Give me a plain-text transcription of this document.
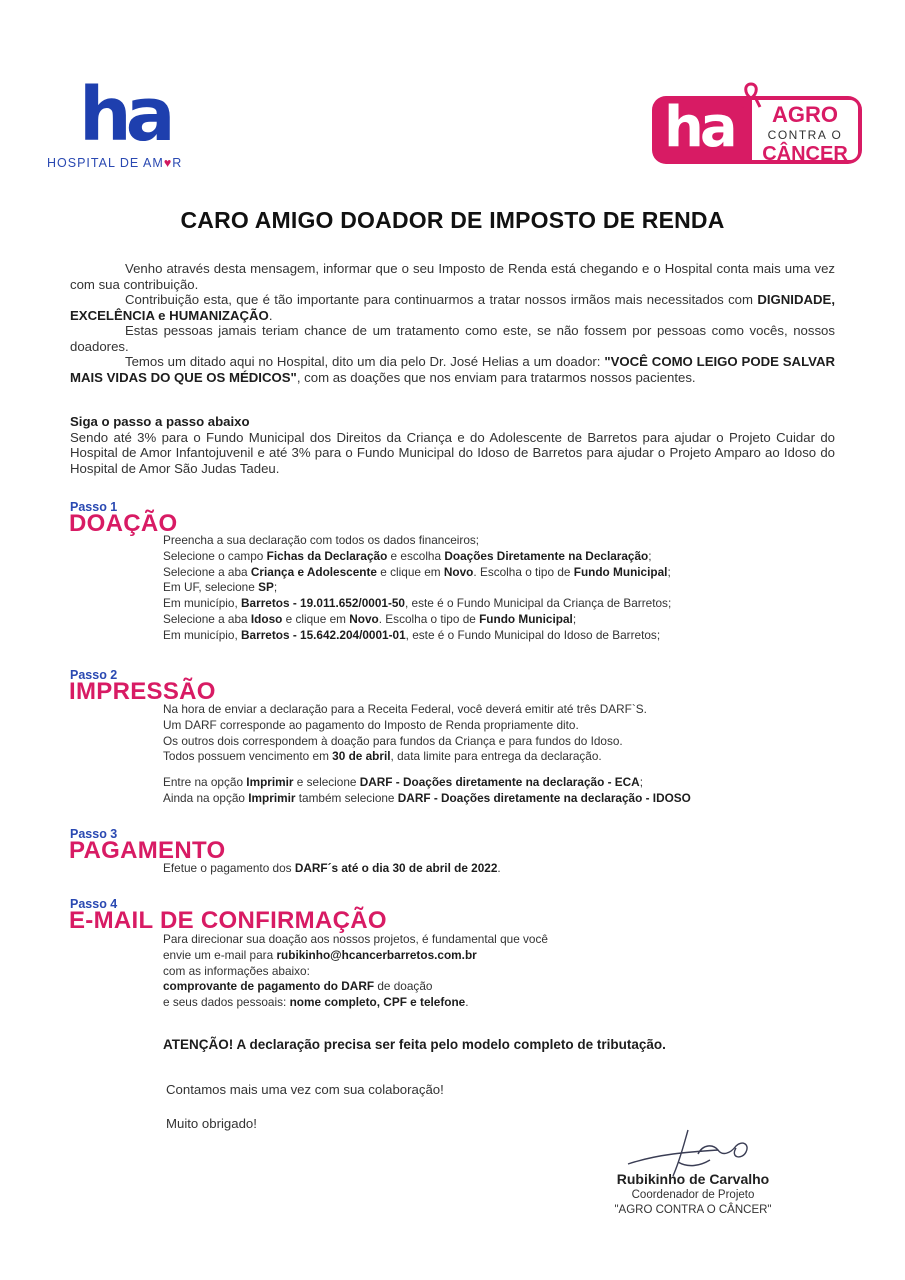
ha
HOSPITAL DE AM♥R
ha	AGRO
CONTRA O
CÂNCER
CARO AMIGO DOADOR DE IMPOSTO DE RENDA

Venho através desta mensagem, informar que o seu Imposto de Renda está chegando e o Hospital conta mais uma vez com sua contribuição.

Contribuição esta, que é tão importante para continuarmos a tratar nossos irmãos mais necessitados com DIGNIDADE, EXCELÊNCIA e HUMANIZAÇÃO.

Estas pessoas jamais teriam chance de um tratamento como este, se não fossem por pessoas como vocês, nossos doadores.

Temos um ditado aqui no Hospital, dito um dia pelo Dr. José Helias a um doador: "VOCÊ COMO LEIGO PODE SALVAR MAIS VIDAS DO QUE OS MÉDICOS", com as doações que nos enviam para tratarmos nossos pacientes.

Siga o passo a passo abaixo

Sendo até 3% para o Fundo Municipal dos Direitos da Criança e do Adolescente de Barretos para ajudar o Projeto Cuidar do Hospital de Amor Infantojuvenil e até 3% para o Fundo Municipal do Idoso de Barretos para ajudar o Projeto Amparo ao Idoso do Hospital de Amor São Judas Tadeu.

Passo 1
DOAÇÃO
Preencha a sua declaração com todos os dados financeiros;
Selecione o campo Fichas da Declaração e escolha Doações Diretamente na Declaração;
Selecione a aba Criança e Adolescente e clique em Novo. Escolha o tipo de Fundo Municipal;
Em UF, selecione SP;
Em município, Barretos - 19.011.652/0001-50, este é o Fundo Municipal da Criança de Barretos;
Selecione a aba Idoso e clique em Novo. Escolha o tipo de Fundo Municipal;
Em município, Barretos - 15.642.204/0001-01, este é o Fundo Municipal do Idoso de Barretos;
Passo 2
IMPRESSÃO
Na hora de enviar a declaração para a Receita Federal, você deverá emitir até três DARF`S.
Um DARF corresponde ao pagamento do Imposto de Renda propriamente dito.
Os outros dois correspondem à doação para fundos da Criança e para fundos do Idoso.
Todos possuem vencimento em 30 de abril, data limite para entrega da declaração.
Entre na opção Imprimir e selecione DARF - Doações diretamente na declaração - ECA;
Ainda na opção Imprimir também selecione DARF - Doações diretamente na declaração - IDOSO
Passo 3
PAGAMENTO
Efetue o pagamento dos DARF´s até o dia 30 de abril de 2022.
Passo 4
E-MAIL DE CONFIRMAÇÃO
Para direcionar sua doação aos nossos projetos, é fundamental que você
envie um e-mail para rubikinho@hcancerbarretos.com.br
com as informações abaixo:
comprovante de pagamento do DARF de doação
e seus dados pessoais: nome completo, CPF e telefone.
ATENÇÃO! A declaração precisa ser feita pelo modelo completo de tributação.
Contamos mais uma vez com sua colaboração!
Muito obrigado!
Rubikinho de Carvalho
Coordenador de Projeto
"AGRO CONTRA O CÂNCER"
